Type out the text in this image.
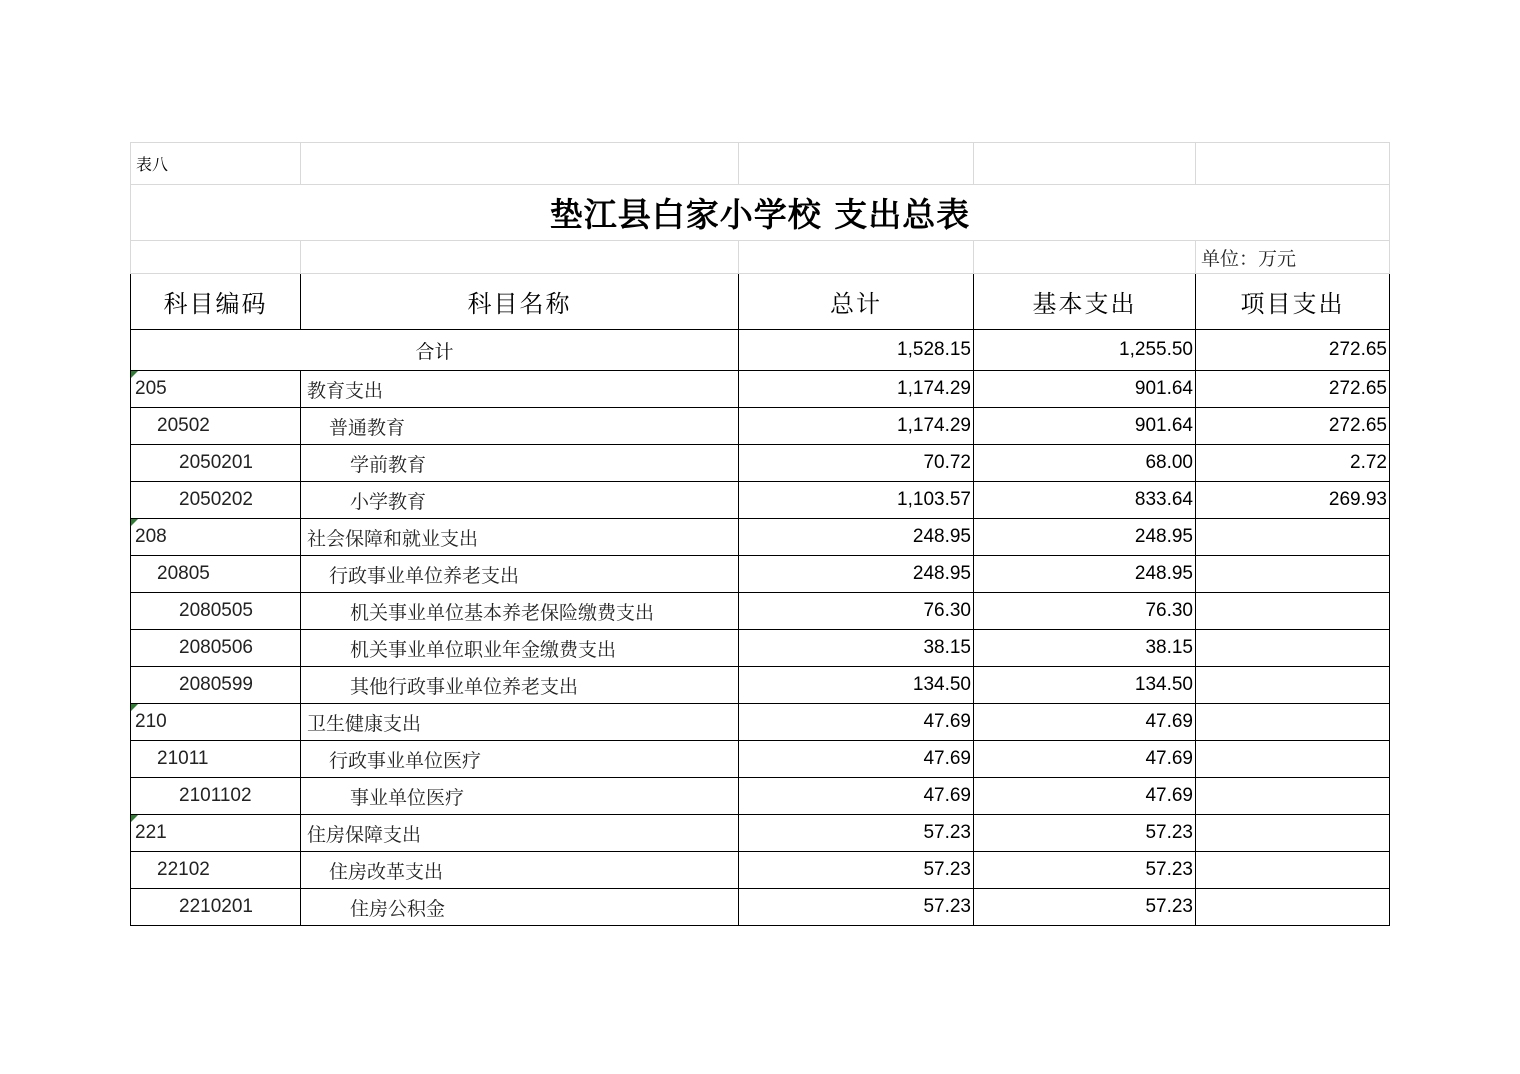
表八				
垫江县白家小学校 支出总表				
				单位：万元
科目编码	科目名称	总计	基本支出	项目支出
合计		1,528.15	1,255.50	272.65
205	教育支出	1,174.29	901.64	272.65
20502	普通教育	1,174.29	901.64	272.65
2050201	学前教育	70.72	68.00	2.72
2050202	小学教育	1,103.57	833.64	269.93
208	社会保障和就业支出	248.95	248.95	
20805	行政事业单位养老支出	248.95	248.95	
2080505	机关事业单位基本养老保险缴费支出	76.30	76.30	
2080506	机关事业单位职业年金缴费支出	38.15	38.15	
2080599	其他行政事业单位养老支出	134.50	134.50	
210	卫生健康支出	47.69	47.69	
21011	行政事业单位医疗	47.69	47.69	
2101102	事业单位医疗	47.69	47.69	
221	住房保障支出	57.23	57.23	
22102	住房改革支出	57.23	57.23	
2210201	住房公积金	57.23	57.23	
